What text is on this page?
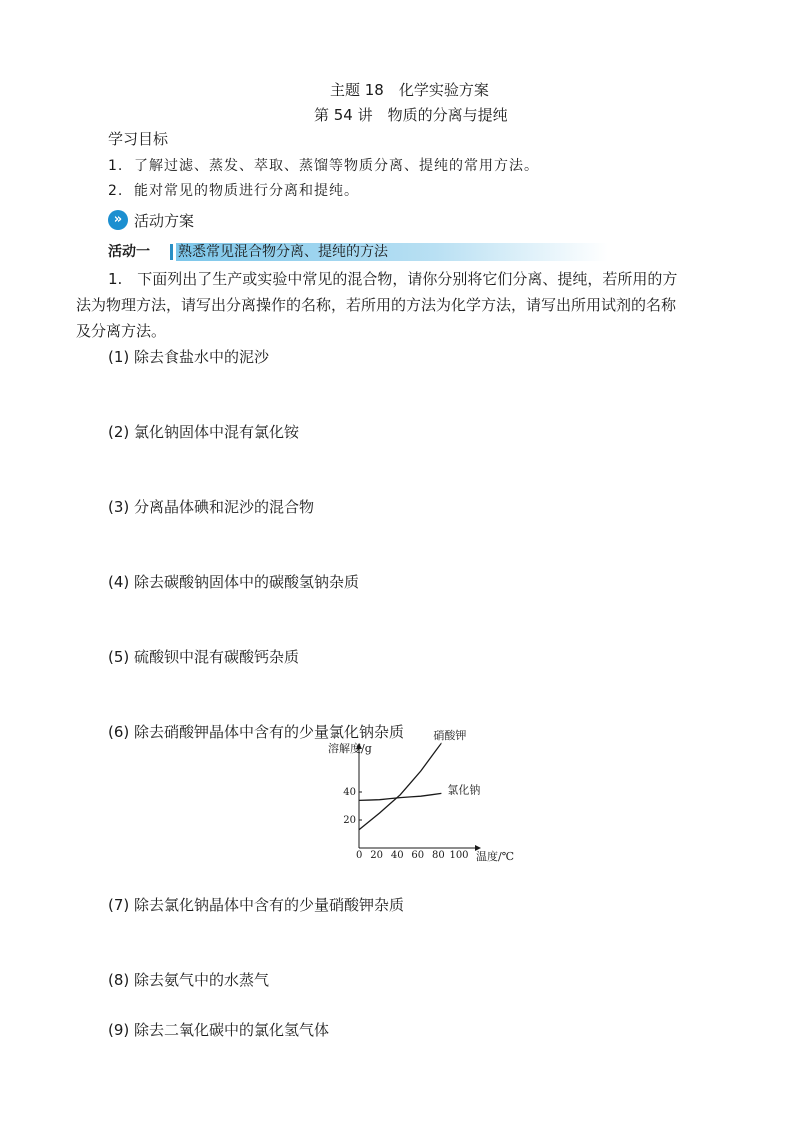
主题 18　化学实验方案
第 54 讲　物质的分离与提纯
学习目标
1. 了解过滤、蒸发、萃取、蒸馏等物质分离、提纯的常用方法。
2. 能对常见的物质进行分离和提纯。
» 活动方案
活动一 熟悉常见混合物分离、提纯的方法
1.　下面列出了生产或实验中常见的混合物，请你分别将它们分离、提纯，若所用的方
法为物理方法，请写出分离操作的名称，若所用的方法为化学方法，请写出所用试剂的名称
及分离方法。
(1) 除去食盐水中的泥沙
(2) 氯化钠固体中混有氯化铵
(3) 分离晶体碘和泥沙的混合物
(4) 除去碳酸钠固体中的碳酸氢钠杂质
(5) 硫酸钡中混有碳酸钙杂质
(6) 除去硝酸钾晶体中含有的少量氯化钠杂质
溶解度/g
温度/℃
0 20 40 60 80 100
20
40
硝酸钾
氯化钠
(7) 除去氯化钠晶体中含有的少量硝酸钾杂质
(8) 除去氨气中的水蒸气
(9) 除去二氧化碳中的氯化氢气体
